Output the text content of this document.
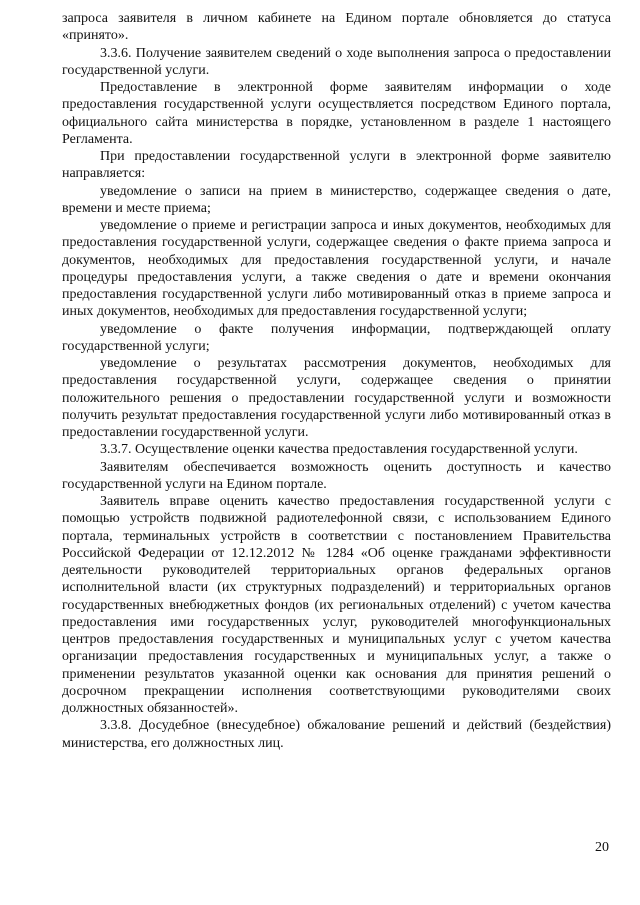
запроса заявителя в личном кабинете на Едином портале обновляется до статуса «принято».

3.3.6. Получение заявителем сведений о ходе выполнения запроса о предоставлении государственной услуги.

Предоставление в электронной форме заявителям информации о ходе предоставления государственной услуги осуществляется посредством Единого портала, официального сайта министерства в порядке, установленном в разделе 1 настоящего Регламента.

При предоставлении государственной услуги в электронной форме заявителю направляется:

уведомление о записи на прием в министерство, содержащее сведения о дате, времени и месте приема;

уведомление о приеме и регистрации запроса и иных документов, необходимых для предоставления государственной услуги, содержащее сведения о факте приема запроса и документов, необходимых для предоставления государственной услуги, и начале процедуры предоставления услуги, а также сведения о дате и времени окончания предоставления государственной услуги либо мотивированный отказ в приеме запроса и иных документов, необходимых для предоставления государственной услуги;

уведомление о факте получения информации, подтверждающей оплату государственной услуги;

уведомление о результатах рассмотрения документов, необходимых для предоставления государственной услуги, содержащее сведения о принятии положительного решения о предоставлении государственной услуги и возможности получить результат предоставления государственной услуги либо мотивированный отказ в предоставлении государственной услуги.

3.3.7. Осуществление оценки качества предоставления государственной услуги.

Заявителям обеспечивается возможность оценить доступность и качество государственной услуги на Едином портале.

Заявитель вправе оценить качество предоставления государственной услуги с помощью устройств подвижной радиотелефонной связи, с использованием Единого портала, терминальных устройств в соответствии с постановлением Правительства Российской Федерации от 12.12.2012 № 1284 «Об оценке гражданами эффективности деятельности руководителей территориальных органов федеральных органов исполнительной власти (их структурных подразделений) и территориальных органов государственных внебюджетных фондов (их региональных отделений) с учетом качества предоставления ими государственных услуг, руководителей многофункциональных центров предоставления государственных и муниципальных услуг с учетом качества организации предоставления государственных и муниципальных услуг, а также о применении результатов указанной оценки как основания для принятия решений о досрочном прекращении исполнения соответствующими руководителями своих должностных обязанностей».

3.3.8. Досудебное (внесудебное) обжалование решений и действий (бездействия) министерства, его должностных лиц.

20
